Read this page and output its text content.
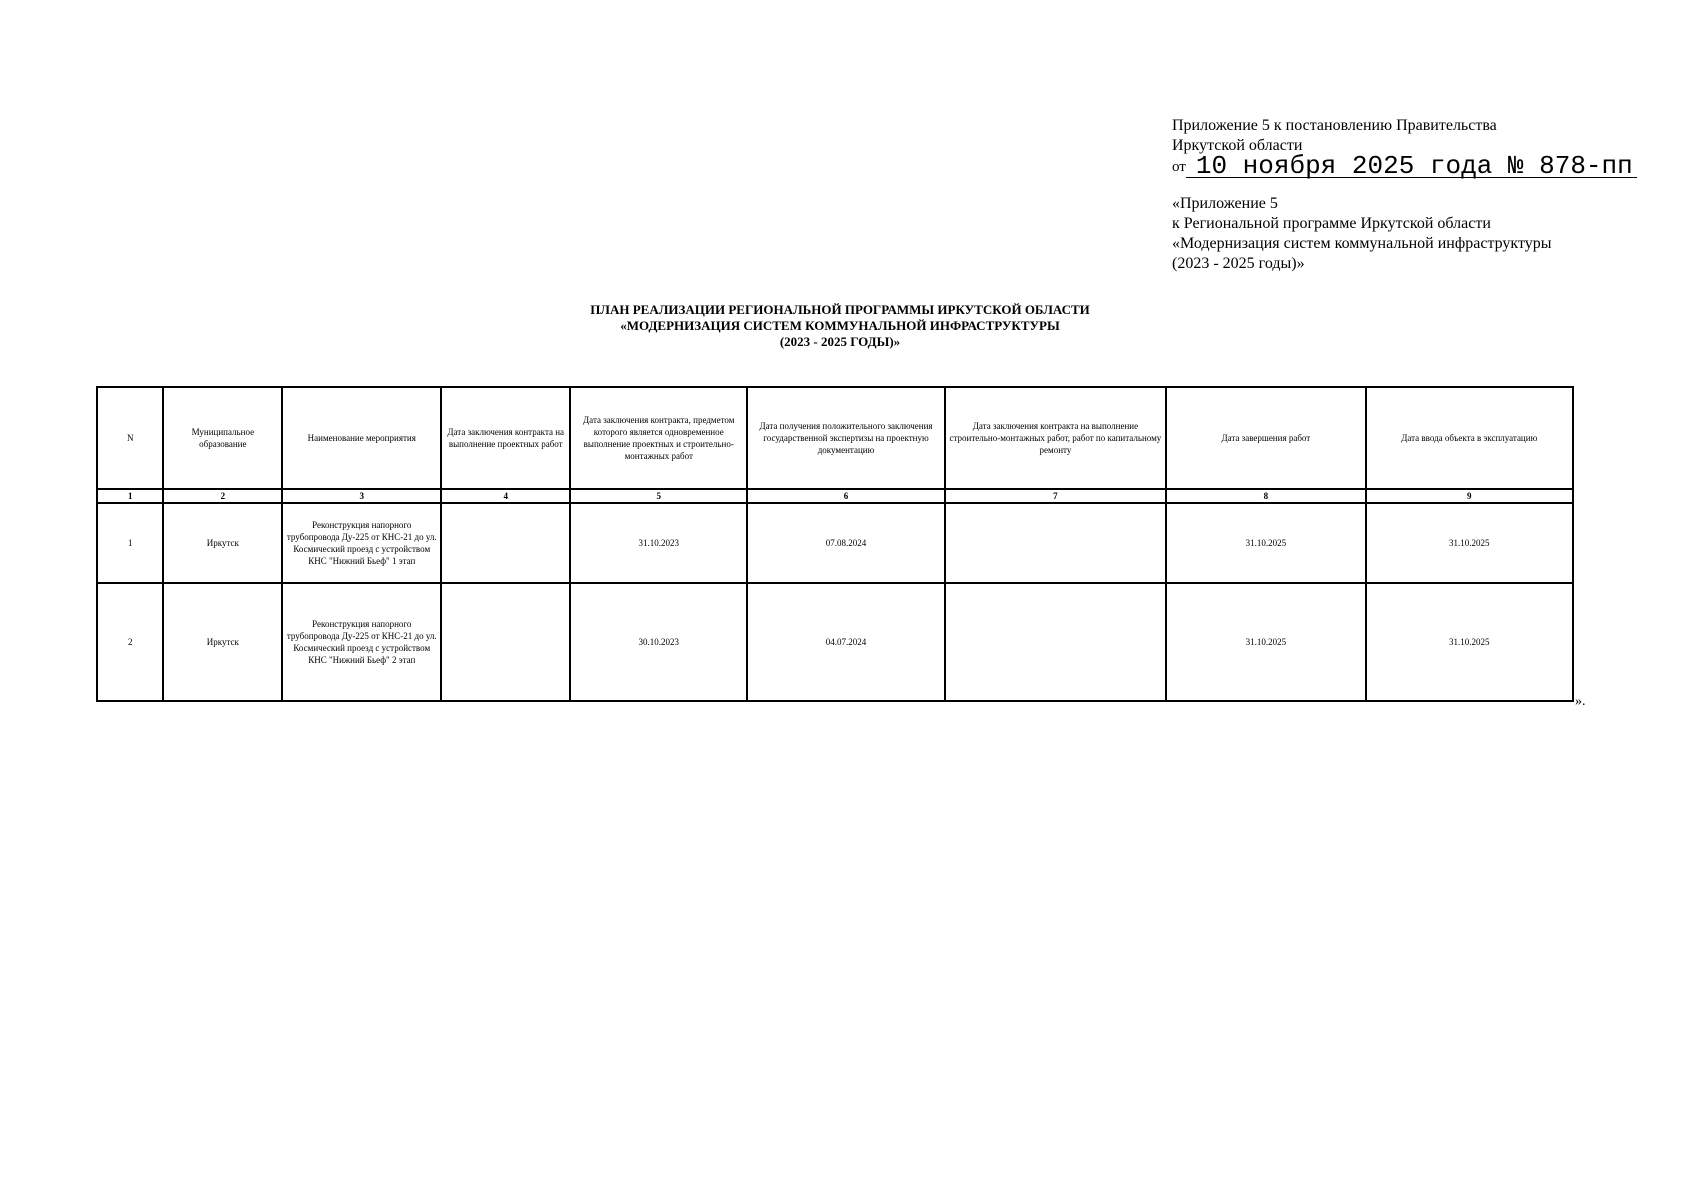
Приложение 5 к постановлению Правительства
Иркутской области
от 10 ноября 2025 года № 878-пп
«Приложение 5
к Региональной программе Иркутской области
«Модернизация систем коммунальной инфраструктуры
(2023 - 2025 годы)»
ПЛАН РЕАЛИЗАЦИИ РЕГИОНАЛЬНОЙ ПРОГРАММЫ ИРКУТСКОЙ ОБЛАСТИ
«МОДЕРНИЗАЦИЯ СИСТЕМ КОММУНАЛЬНОЙ ИНФРАСТРУКТУРЫ
(2023 - 2025 ГОДЫ)»
N	Муниципальное образование	Наименование мероприятия	Дата заключения контракта на выполнение проектных работ	Дата заключения контракта, предметом которого является одновременное выполнение проектных и строительно-монтажных работ	Дата получения положительного заключения государственной экспертизы на проектную документацию	Дата заключения контракта на выполнение строительно-монтажных работ, работ по капитальному ремонту	Дата завершения работ	Дата ввода объекта в эксплуатацию
1	2	3	4	5	6	7	8	9
1	Иркутск	Реконструкция напорного трубопровода Ду-225 от КНС-21 до ул. Космический проезд с устройством КНС "Нижний Бьеф" 1 этап		31.10.2023	07.08.2024		31.10.2025	31.10.2025
2	Иркутск	Реконструкция напорного трубопровода Ду-225 от КНС-21 до ул. Космический проезд с устройством КНС "Нижний Бьеф" 2 этап		30.10.2023	04.07.2024		31.10.2025	31.10.2025
».
